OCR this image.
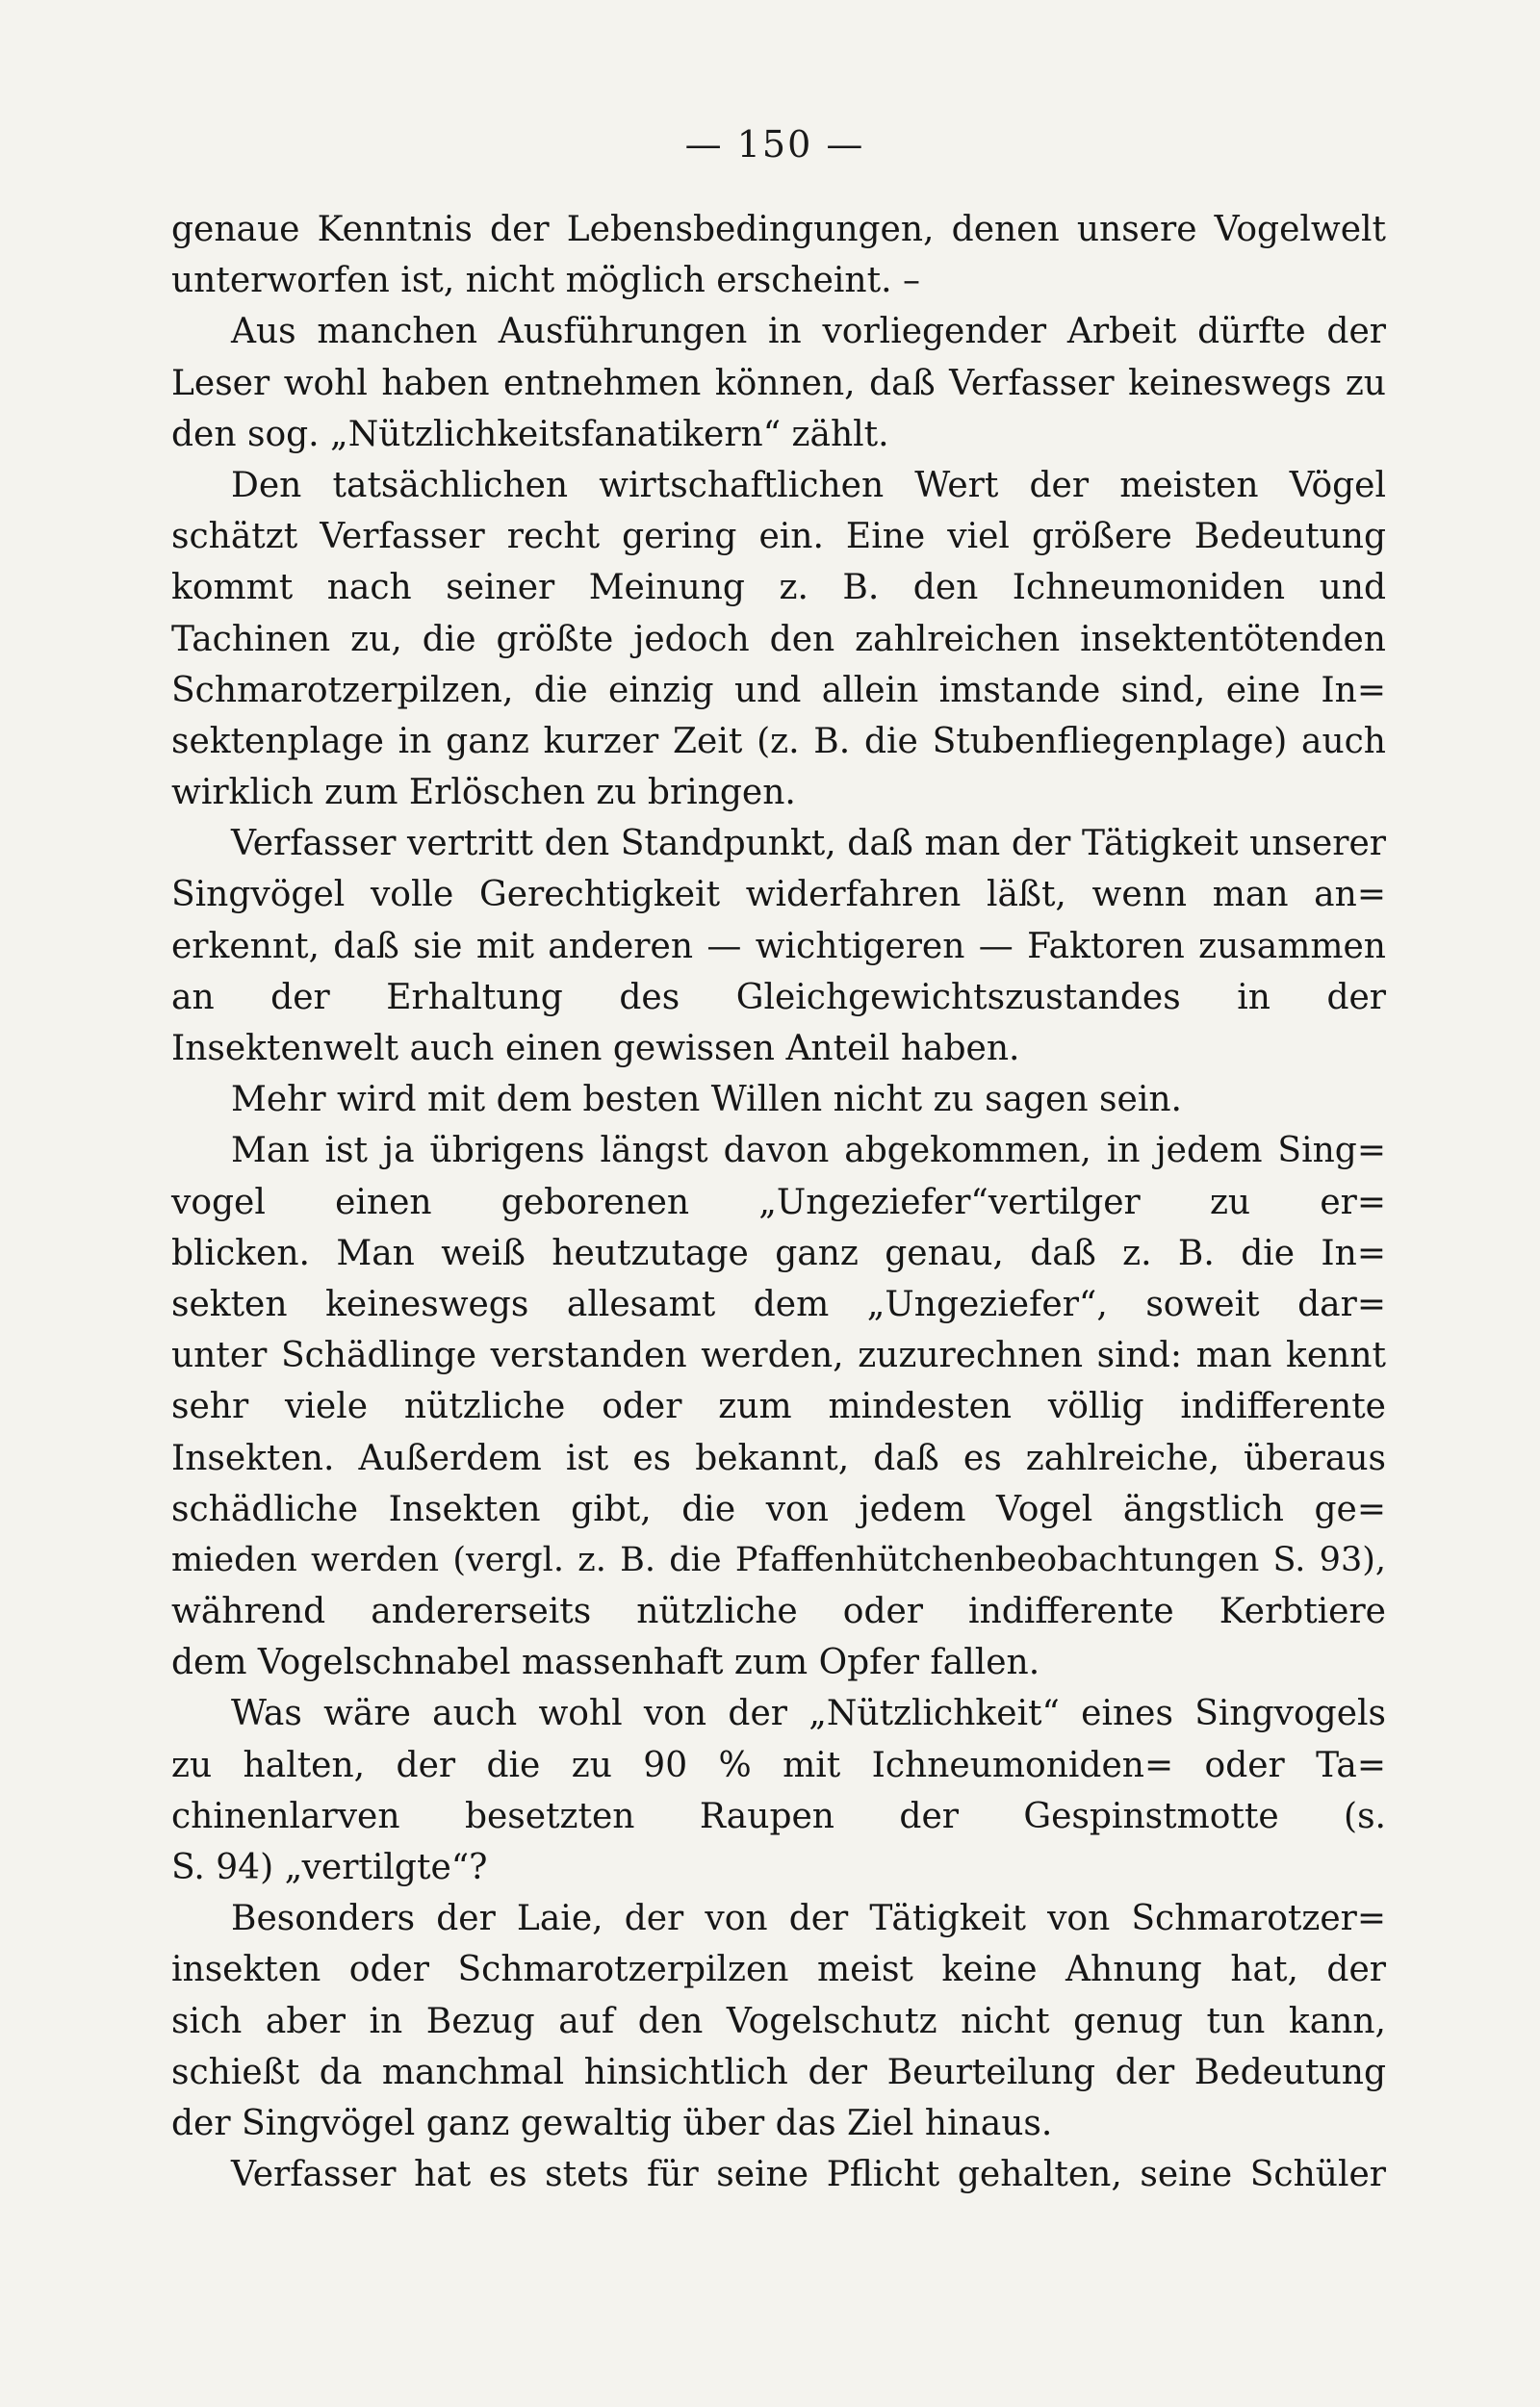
— 150 —
genaue Kenntnis der Lebensbedingungen, denen unsere Vogelwelt
unterworfen ist, nicht möglich erscheint. –
Aus manchen Ausführungen in vorliegender Arbeit dürfte der
Leser wohl haben entnehmen können, daß Verfasser keineswegs zu
den sog. „Nützlichkeitsfanatikern“ zählt.
Den tatsächlichen wirtschaftlichen Wert der meisten Vögel
schätzt Verfasser recht gering ein. Eine viel größere Bedeutung
kommt nach seiner Meinung z. B. den Ichneumoniden und
Tachinen zu, die größte jedoch den zahlreichen insektentötenden
Schmarotzerpilzen, die einzig und allein imstande sind, eine In=
sektenplage in ganz kurzer Zeit (z. B. die Stubenfliegenplage) auch
wirklich zum Erlöschen zu bringen.
Verfasser vertritt den Standpunkt, daß man der Tätigkeit unserer
Singvögel volle Gerechtigkeit widerfahren läßt, wenn man an=
erkennt, daß sie mit anderen — wichtigeren — Faktoren zusammen
an der Erhaltung des Gleichgewichtszustandes in der
Insektenwelt auch einen gewissen Anteil haben.
Mehr wird mit dem besten Willen nicht zu sagen sein.
Man ist ja übrigens längst davon abgekommen, in jedem Sing=
vogel einen geborenen „Ungeziefer“vertilger zu er=
blicken. Man weiß heutzutage ganz genau, daß z. B. die In=
sekten keineswegs allesamt dem „Ungeziefer“, soweit dar=
unter Schädlinge verstanden werden, zuzurechnen sind: man kennt
sehr viele nützliche oder zum mindesten völlig indifferente
Insekten. Außerdem ist es bekannt, daß es zahlreiche, überaus
schädliche Insekten gibt, die von jedem Vogel ängstlich ge=
mieden werden (vergl. z. B. die Pfaffenhütchenbeobachtungen S. 93),
während andererseits nützliche oder indifferente Kerbtiere
dem Vogelschnabel massenhaft zum Opfer fallen.
Was wäre auch wohl von der „Nützlichkeit“ eines Singvogels
zu halten, der die zu 90 % mit Ichneumoniden= oder Ta=
chinenlarven besetzten Raupen der Gespinstmotte (s.
S. 94) „vertilgte“?
Besonders der Laie, der von der Tätigkeit von Schmarotzer=
insekten oder Schmarotzerpilzen meist keine Ahnung hat, der
sich aber in Bezug auf den Vogelschutz nicht genug tun kann,
schießt da manchmal hinsichtlich der Beurteilung der Bedeutung
der Singvögel ganz gewaltig über das Ziel hinaus.
Verfasser hat es stets für seine Pflicht gehalten, seine Schüler
